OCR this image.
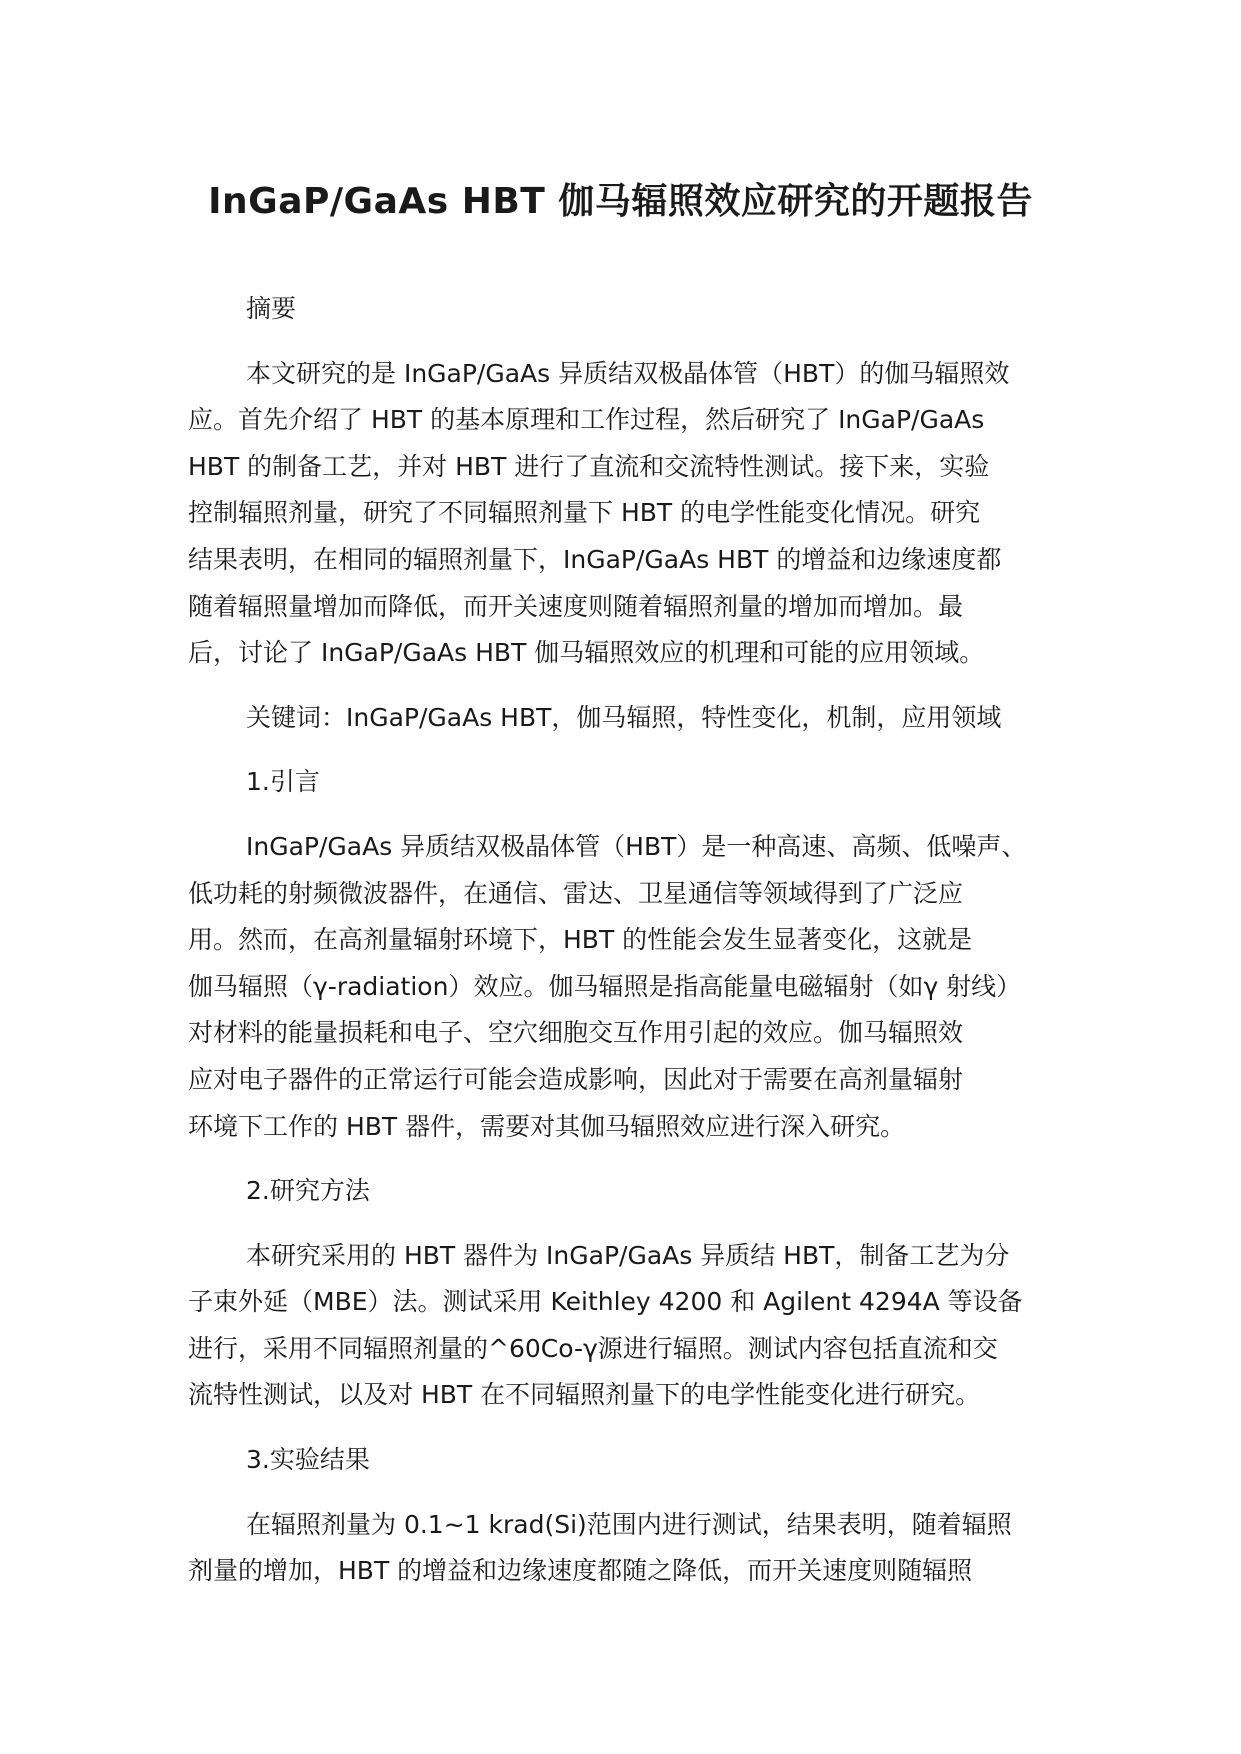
InGaP/GaAs HBT 伽马辐照效应研究的开题报告
摘要
本文研究的是 InGaP/GaAs 异质结双极晶体管（HBT）的伽马辐照效
应。首先介绍了 HBT 的基本原理和工作过程，然后研究了 InGaP/GaAs
HBT 的制备工艺，并对 HBT 进行了直流和交流特性测试。接下来，实验
控制辐照剂量，研究了不同辐照剂量下 HBT 的电学性能变化情况。研究
结果表明，在相同的辐照剂量下，InGaP/GaAs HBT 的增益和边缘速度都
随着辐照量增加而降低，而开关速度则随着辐照剂量的增加而增加。最
后，讨论了 InGaP/GaAs HBT 伽马辐照效应的机理和可能的应用领域。
关键词：InGaP/GaAs HBT，伽马辐照，特性变化，机制，应用领域
1.引言
InGaP/GaAs 异质结双极晶体管（HBT）是一种高速、高频、低噪声、
低功耗的射频微波器件，在通信、雷达、卫星通信等领域得到了广泛应
用。然而，在高剂量辐射环境下，HBT 的性能会发生显著变化，这就是
伽马辐照（γ-radiation）效应。伽马辐照是指高能量电磁辐射（如γ 射线）
对材料的能量损耗和电子、空穴细胞交互作用引起的效应。伽马辐照效
应对电子器件的正常运行可能会造成影响，因此对于需要在高剂量辐射
环境下工作的 HBT 器件，需要对其伽马辐照效应进行深入研究。
2.研究方法
本研究采用的 HBT 器件为 InGaP/GaAs 异质结 HBT，制备工艺为分
子束外延（MBE）法。测试采用 Keithley 4200 和 Agilent 4294A 等设备
进行，采用不同辐照剂量的^60Co-γ源进行辐照。测试内容包括直流和交
流特性测试，以及对 HBT 在不同辐照剂量下的电学性能变化进行研究。
3.实验结果
在辐照剂量为 0.1~1 krad(Si)范围内进行测试，结果表明，随着辐照
剂量的增加，HBT 的增益和边缘速度都随之降低，而开关速度则随辐照
